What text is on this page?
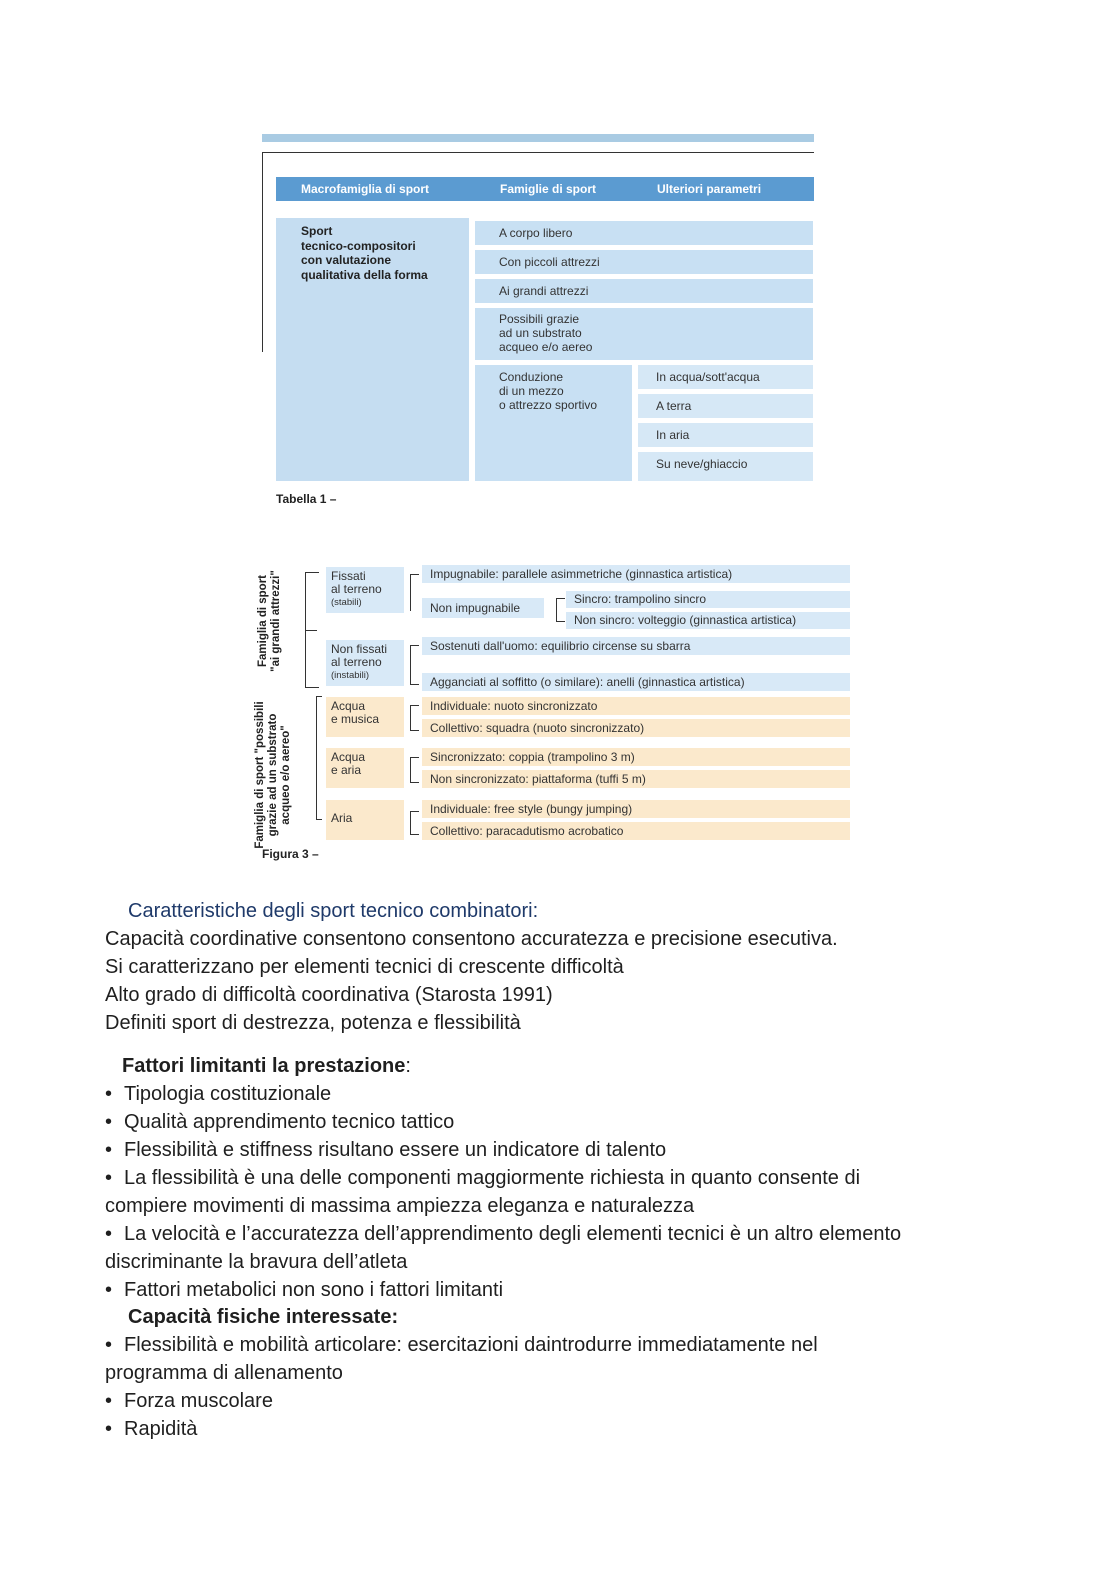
Macrofamiglia di sport	Famiglie di sport	Ulteriori parametri
Sport
tecnico-compositori
con valutazione
qualitativa della forma
A corpo libero
Con piccoli attrezzi
Ai grandi attrezzi
Possibili grazie
ad un substrato
acqueo e/o aereo
Conduzione
di un mezzo
o attrezzo sportivo
In acqua/sott'acqua
A terra
In aria
Su neve/ghiaccio
Tabella 1 –
Famiglia di sport
"ai grandi attrezzi"
Famiglia di sport "possibili
grazie ad un substrato
acqueo e/o aereo"
Fissati
al terreno
(stabili)
Non fissati
al terreno
(instabili)
Acqua
e musica
Acqua
e aria
Aria
Impugnabile: parallele asimmetriche (ginnastica artistica)
Non impugnabile
Sincro: trampolino sincro
Non sincro: volteggio (ginnastica artistica)
Sostenuti dall'uomo: equilibrio circense su sbarra
Agganciati al soffitto (o similare): anelli (ginnastica artistica)
Individuale: nuoto sincronizzato
Collettivo: squadra (nuoto sincronizzato)
Sincronizzato: coppia (trampolino 3 m)
Non sincronizzato: piattaforma (tuffi 5 m)
Individuale: free style (bungy jumping)
Collettivo: paracadutismo acrobatico
Figura 3 –
Caratteristiche degli sport tecnico combinatori:
Capacità coordinative consentono consentono accuratezza e precisione esecutiva.
Si caratterizzano per elementi tecnici di crescente difficoltà
Alto grado di difficoltà coordinativa (Starosta 1991)
Definiti sport di destrezza, potenza e flessibilità
Fattori limitanti la prestazione:
• Tipologia costituzionale
• Qualità apprendimento tecnico tattico
• Flessibilità e stiffness risultano essere un indicatore di talento
• La flessibilità è una delle componenti maggiormente richiesta in quanto consente di
compiere movimenti di massima ampiezza eleganza e naturalezza
• La velocità e l’accuratezza dell’apprendimento degli elementi tecnici è un altro elemento
discriminante la bravura dell’atleta
• Fattori metabolici non sono i fattori limitanti
Capacità fisiche interessate:
• Flessibilità e mobilità articolare: esercitazioni daintrodurre immediatamente nel
programma di allenamento
• Forza muscolare
• Rapidità
